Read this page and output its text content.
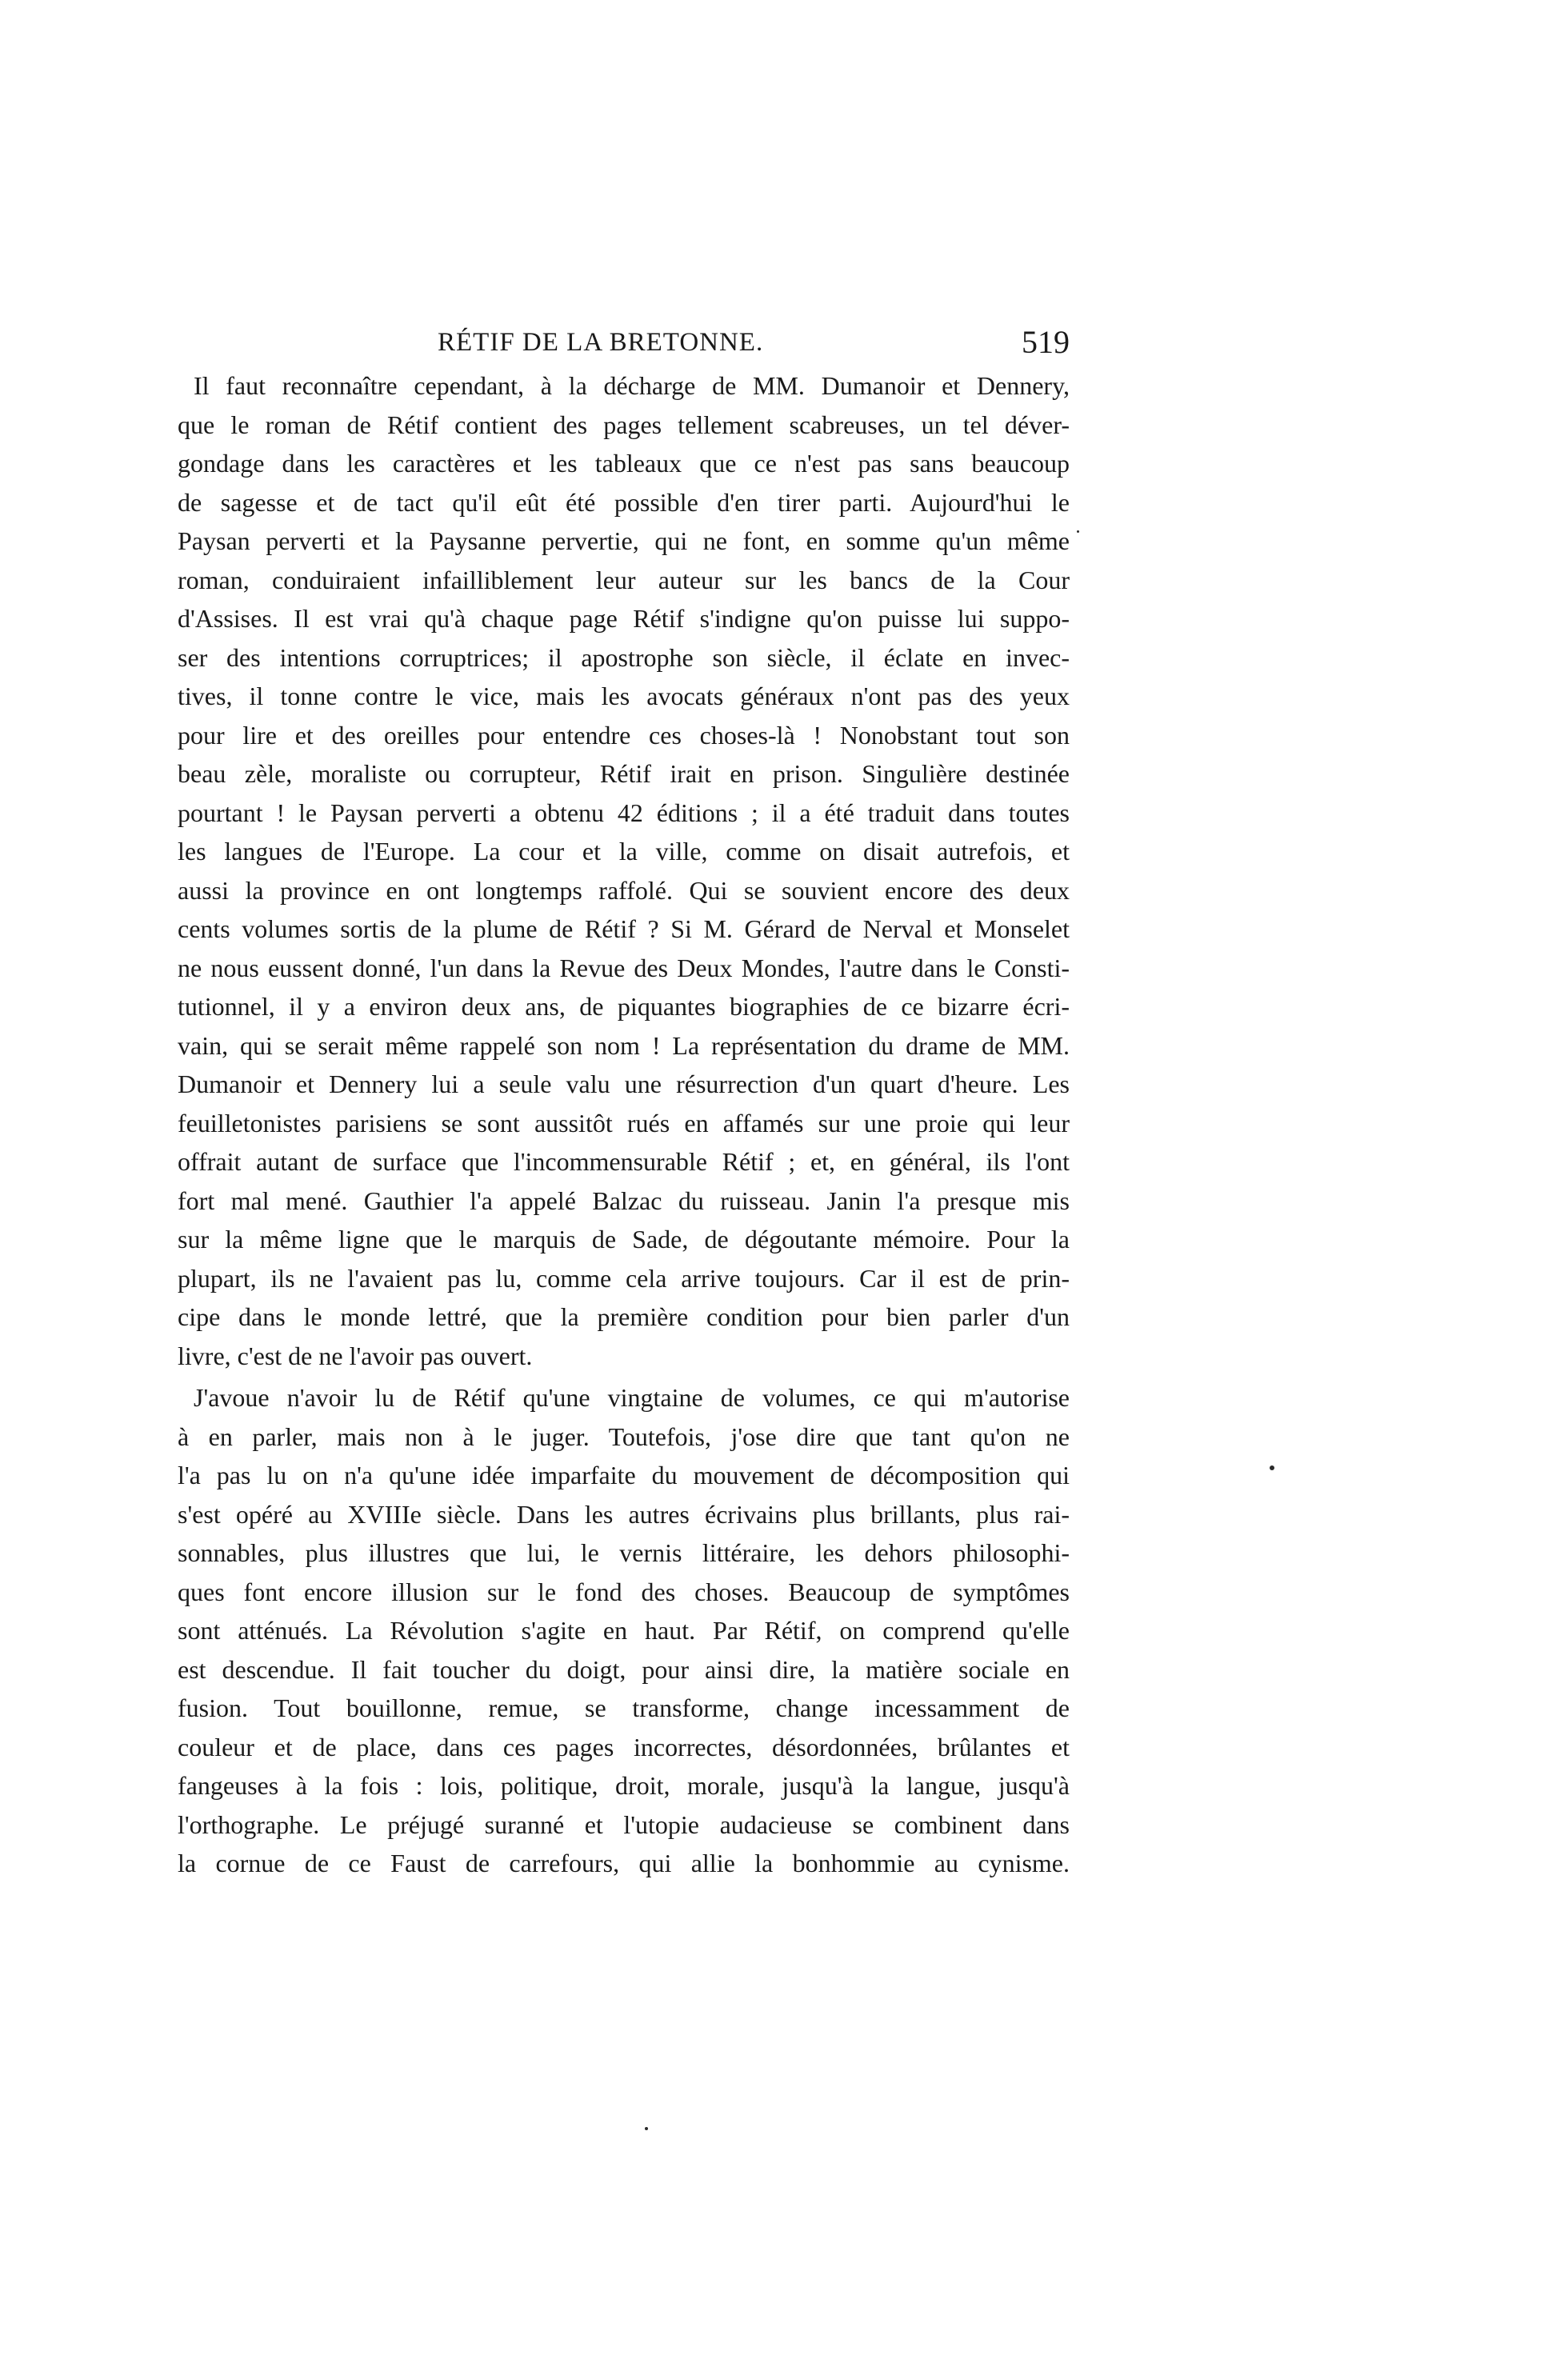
RÉTIF DE LA BRETONNE.	519
Il faut reconnaître cependant, à la décharge de MM. Dumanoir et Dennery,
que le roman de Rétif contient des pages tellement scabreuses, un tel déver-
gondage dans les caractères et les tableaux que ce n'est pas sans beaucoup
de sagesse et de tact qu'il eût été possible d'en tirer parti. Aujourd'hui le
Paysan perverti et la Paysanne pervertie, qui ne font, en somme qu'un même
roman, conduiraient infailliblement leur auteur sur les bancs de la Cour
d'Assises. Il est vrai qu'à chaque page Rétif s'indigne qu'on puisse lui suppo-
ser des intentions corruptrices; il apostrophe son siècle, il éclate en invec-
tives, il tonne contre le vice, mais les avocats généraux n'ont pas des yeux
pour lire et des oreilles pour entendre ces choses-là ! Nonobstant tout son
beau zèle, moraliste ou corrupteur, Rétif irait en prison. Singulière destinée
pourtant ! le Paysan perverti a obtenu 42 éditions ; il a été traduit dans toutes
les langues de l'Europe. La cour et la ville, comme on disait autrefois, et
aussi la province en ont longtemps raffolé. Qui se souvient encore des deux
cents volumes sortis de la plume de Rétif ? Si M. Gérard de Nerval et Monselet
ne nous eussent donné, l'un dans la Revue des Deux Mondes, l'autre dans le Consti-
tutionnel, il y a environ deux ans, de piquantes biographies de ce bizarre écri-
vain, qui se serait même rappelé son nom ! La représentation du drame de MM.
Dumanoir et Dennery lui a seule valu une résurrection d'un quart d'heure. Les
feuilletonistes parisiens se sont aussitôt rués en affamés sur une proie qui leur
offrait autant de surface que l'incommensurable Rétif ; et, en général, ils l'ont
fort mal mené. Gauthier l'a appelé Balzac du ruisseau. Janin l'a presque mis
sur la même ligne que le marquis de Sade, de dégoutante mémoire. Pour la
plupart, ils ne l'avaient pas lu, comme cela arrive toujours. Car il est de prin-
cipe dans le monde lettré, que la première condition pour bien parler d'un
livre, c'est de ne l'avoir pas ouvert.
J'avoue n'avoir lu de Rétif qu'une vingtaine de volumes, ce qui m'autorise
à en parler, mais non à le juger. Toutefois, j'ose dire que tant qu'on ne
l'a pas lu on n'a qu'une idée imparfaite du mouvement de décomposition qui
s'est opéré au XVIIIe siècle. Dans les autres écrivains plus brillants, plus rai-
sonnables, plus illustres que lui, le vernis littéraire, les dehors philosophi-
ques font encore illusion sur le fond des choses. Beaucoup de symptômes
sont atténués. La Révolution s'agite en haut. Par Rétif, on comprend qu'elle
est descendue. Il fait toucher du doigt, pour ainsi dire, la matière sociale en
fusion. Tout bouillonne, remue, se transforme, change incessamment de
couleur et de place, dans ces pages incorrectes, désordonnées, brûlantes et
fangeuses à la fois : lois, politique, droit, morale, jusqu'à la langue, jusqu'à
l'orthographe. Le préjugé suranné et l'utopie audacieuse se combinent dans
la cornue de ce Faust de carrefours, qui allie la bonhommie au cynisme.
